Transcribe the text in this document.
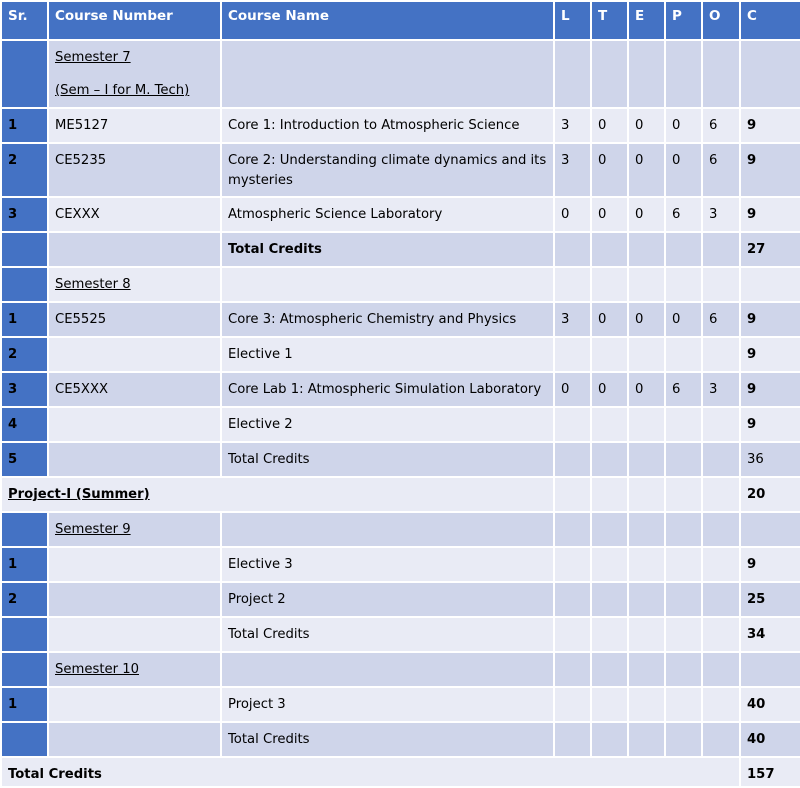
Sr.	Course Number	Course Name	L	T	E	P	O	C

	Semester 7
(Sem – I for M. Tech)							

1	ME5127	Core 1: Introduction to Atmospheric Science	3	0	0	0	6	9
2	CE5235	Core 2: Understanding climate dynamics and its mysteries	3	0	0	0	6	9
3	CEXXX	Atmospheric Science Laboratory	0	0	0	6	3	9
		Total Credits						27
	Semester 8							
1	CE5525	Core 3: Atmospheric Chemistry and Physics	3	0	0	0	6	9
2		Elective 1						9
3	CE5XXX	Core Lab 1: Atmospheric Simulation Laboratory	0	0	0	6	3	9
4		Elective 2						9
5		Total Credits						36
Project-I (Summer)								20
	Semester 9							
1		Elective 3						9
2		Project 2						25
		Total Credits						34
	Semester 10							
1		Project 3						40
		Total Credits						40
Total Credits								157
